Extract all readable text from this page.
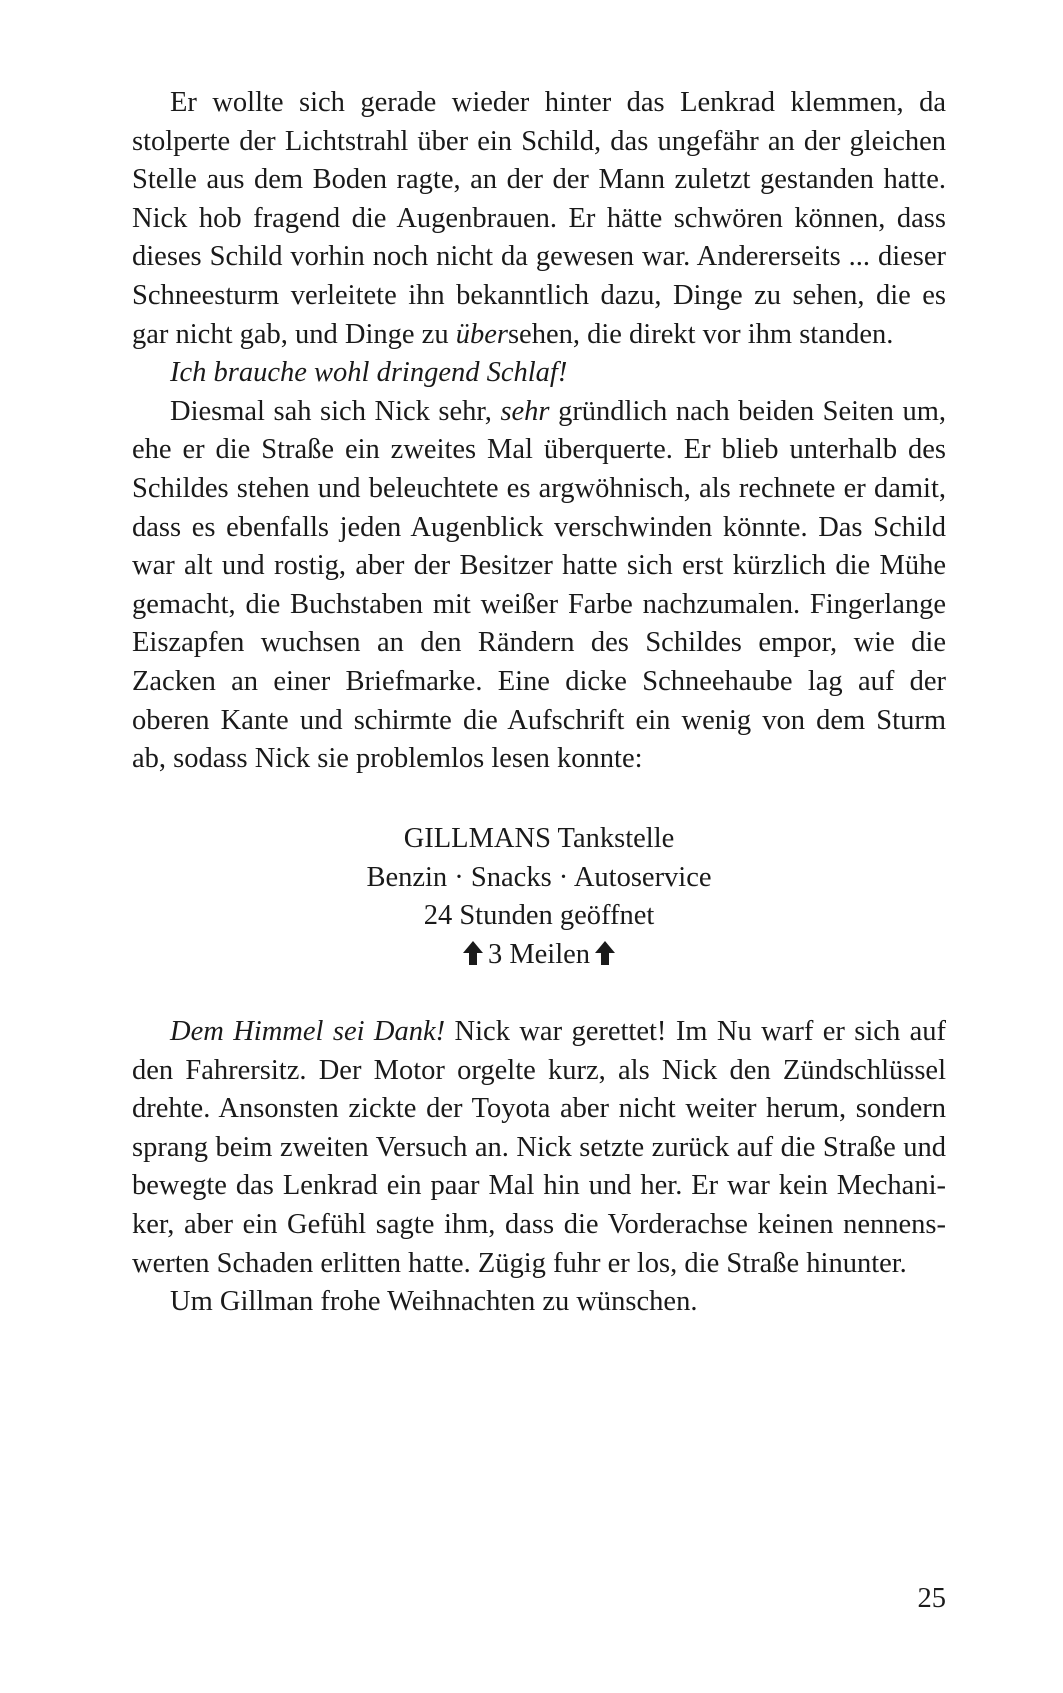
Er wollte sich gerade wieder hinter das Lenkrad klemmen, da stolperte der Lichtstrahl über ein Schild, das ungefähr an der gleichen Stelle aus dem Boden ragte, an der der Mann zuletzt gestanden hatte. Nick hob fragend die Augenbrauen. Er hätte schwören können, dass dieses Schild vorhin noch nicht da gewesen war. Andererseits ... dieser Schneesturm verleitete ihn bekanntlich dazu, Dinge zu sehen, die es gar nicht gab, und Dinge zu übersehen, die direkt vor ihm standen.

Ich brauche wohl dringend Schlaf!

Diesmal sah sich Nick sehr, sehr gründlich nach beiden Seiten um, ehe er die Straße ein zweites Mal überquerte. Er blieb unterhalb des Schildes stehen und beleuchtete es argwöhnisch, als rechnete er damit, dass es ebenfalls jeden Augenblick verschwinden könnte. Das Schild war alt und rostig, aber der Besitzer hatte sich erst kürzlich die Mühe gemacht, die Buchstaben mit weißer Farbe nachzumalen. Fingerlange Eiszapfen wuchsen an den Rändern des Schildes empor, wie die Zacken an einer Briefmarke. Eine dicke Schneehaube lag auf der oberen Kante und schirmte die Aufschrift ein wenig von dem Sturm ab, sodass Nick sie problemlos lesen konnte:

GILLMANS Tankstelle
Benzin · Snacks · Autoservice
24 Stunden geöffnet
3 Meilen

Dem Himmel sei Dank! Nick war gerettet! Im Nu warf er sich auf den Fahrersitz. Der Motor orgelte kurz, als Nick den Zündschlüssel drehte. Ansonsten zickte der Toyota aber nicht weiter herum, sondern sprang beim zweiten Versuch an. Nick setzte zurück auf die Straße und bewegte das Lenkrad ein paar Mal hin und her. Er war kein Mechaniker, aber ein Gefühl sagte ihm, dass die Vorderachse keinen nennenswerten Schaden erlitten hatte. Zügig fuhr er los, die Straße hinunter.

Um Gillman frohe Weihnachten zu wünschen.

25
